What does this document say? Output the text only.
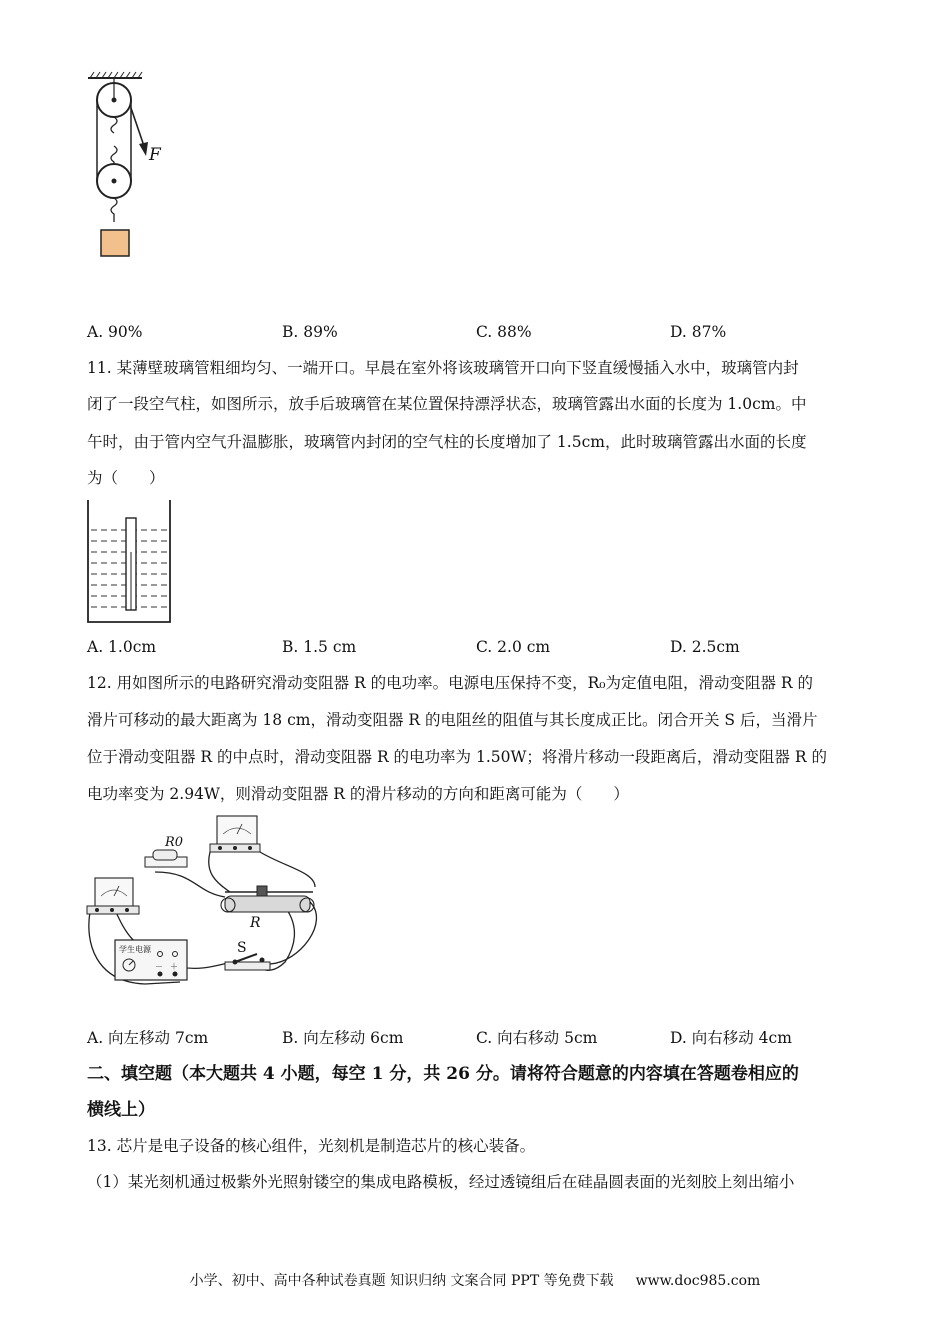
F
A. 90%	B. 89%	C. 88%	D. 87%
11. 某薄壁玻璃管粗细均匀、一端开口。早晨在室外将该玻璃管开口向下竖直缓慢插入水中，玻璃管内封
闭了一段空气柱，如图所示，放手后玻璃管在某位置保持漂浮状态，玻璃管露出水面的长度为 1.0cm。中
午时，由于管内空气升温膨胀，玻璃管内封闭的空气柱的长度增加了 1.5cm，此时玻璃管露出水面的长度
为（　　）
A. 1.0cm	B. 1.5 cm	C. 2.0 cm	D. 2.5cm
12. 用如图所示的电路研究滑动变阻器 R 的电功率。电源电压保持不变，R₀为定值电阻，滑动变阻器 R 的
滑片可移动的最大距离为 18 cm，滑动变阻器 R 的电阻丝的阻值与其长度成正比。闭合开关 S 后，当滑片
位于滑动变阻器 R 的中点时，滑动变阻器 R 的电功率为 1.50W；将滑片移动一段距离后，滑动变阻器 R 的
电功率变为 2.94W，则滑动变阻器 R 的滑片移动的方向和距离可能为（　　）
R0
R
学生电源
－ ＋
S
A. 向左移动 7cm	B. 向左移动 6cm	C. 向右移动 5cm	D. 向右移动 4cm
二、填空题（本大题共 4 小题，每空 1 分，共 26 分。请将符合题意的内容填在答题卷相应的
横线上）
13. 芯片是电子设备的核心组件，光刻机是制造芯片的核心装备。
（1）某光刻机通过极紫外光照射镂空的集成电路模板，经过透镜组后在硅晶圆表面的光刻胶上刻出缩小
小学、初中、高中各种试卷真题 知识归纳 文案合同 PPT 等免费下载 www.doc985.com
